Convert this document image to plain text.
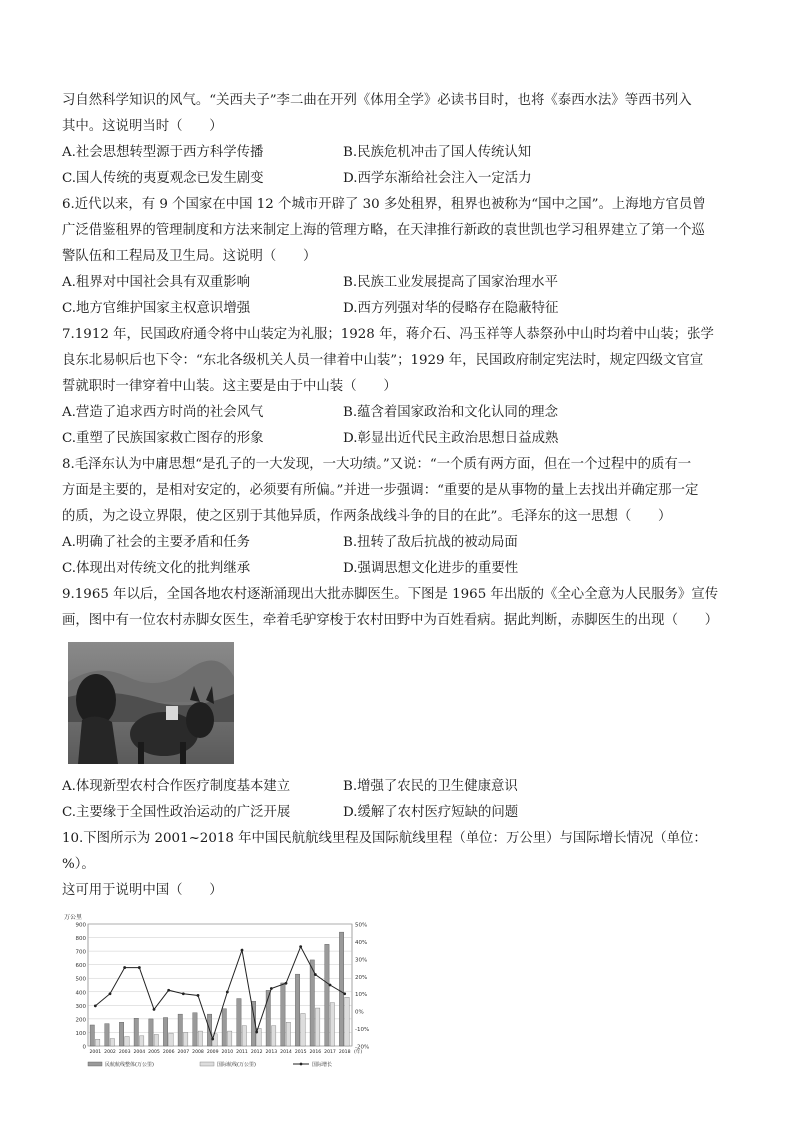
习自然科学知识的风气。“关西夫子”李二曲在开列《体用全学》必读书目时，也将《泰西水法》等西书列入

其中。这说明当时（　　）

A.社会思想转型源于西方科学传播	B.民族危机冲击了国人传统认知

C.国人传统的夷夏观念已发生剧变	D.西学东渐给社会注入一定活力

6.近代以来，有 9 个国家在中国 12 个城市开辟了 30 多处租界，租界也被称为“国中之国”。上海地方官员曾

广泛借鉴租界的管理制度和方法来制定上海的管理方略，在天津推行新政的袁世凯也学习租界建立了第一个巡

警队伍和工程局及卫生局。这说明（　　）

A.租界对中国社会具有双重影响	B.民族工业发展提高了国家治理水平

C.地方官维护国家主权意识增强	D.西方列强对华的侵略存在隐蔽特征

7.1912 年，民国政府通令将中山装定为礼服；1928 年，蒋介石、冯玉祥等人恭祭孙中山时均着中山装；张学

良东北易帜后也下令：“东北各级机关人员一律着中山装”；1929 年，民国政府制定宪法时，规定四级文官宣

誓就职时一律穿着中山装。这主要是由于中山装（　　）

A.营造了追求西方时尚的社会风气	B.蕴含着国家政治和文化认同的理念

C.重塑了民族国家救亡图存的形象	D.彰显出近代民主政治思想日益成熟

8.毛泽东认为中庸思想“是孔子的一大发现，一大功绩。”又说：“一个质有两方面，但在一个过程中的质有一

方面是主要的，是相对安定的，必须要有所偏。”并进一步强调：“重要的是从事物的量上去找出并确定那一定

的质，为之设立界限，使之区别于其他异质，作两条战线斗争的目的在此”。毛泽东的这一思想（　　）

A.明确了社会的主要矛盾和任务	B.扭转了敌后抗战的被动局面

C.体现出对传统文化的批判继承	D.强调思想文化进步的重要性

9.1965 年以后，全国各地农村逐渐涌现出大批赤脚医生。下图是 1965 年出版的《全心全意为人民服务》宣传

画，图中有一位农村赤脚女医生，牵着毛驴穿梭于农村田野中为百姓看病。据此判断，赤脚医生的出现（　　）

A.体现新型农村合作医疗制度基本建立	B.增强了农民的卫生健康意识

C.主要缘于全国性政治运动的广泛开展	D.缓解了农村医疗短缺的问题

10.下图所示为 2001~2018 年中国民航航线里程及国际航线里程（单位：万公里）与国际增长情况（单位：%）。

这可用于说明中国（　　）

0
100
200
300
400
500
600
700
800
900
-20%
-10%
0%
10%
20%
30%
40%
50%
万公里
2001 2002 2003 2004 2005 2006 2007 2008 2009 2010 2011 2012 2013 2014 2015 2016 2017 2018 (年)
民航航线整体(万公里)	国际航线(万公里)	国际增长
